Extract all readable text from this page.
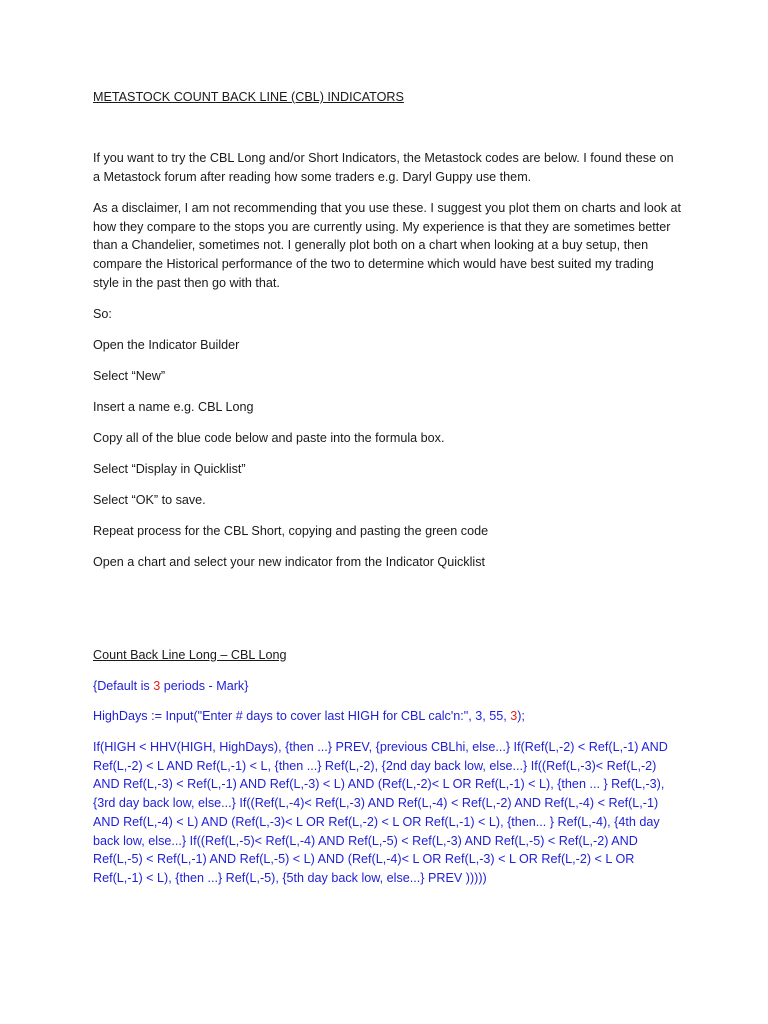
METASTOCK COUNT BACK LINE (CBL) INDICATORS

If you want to try the CBL Long and/or Short Indicators, the Metastock codes are below. I found these on a Metastock forum after reading how some traders e.g. Daryl Guppy use them.

As a disclaimer, I am not recommending that you use these. I suggest you plot them on charts and look at how they compare to the stops you are currently using. My experience is that they are sometimes better than a Chandelier, sometimes not. I generally plot both on a chart when looking at a buy setup, then compare the Historical performance of the two to determine which would have best suited my trading style in the past then go with that.

So:

Open the Indicator Builder

Select “New”

Insert a name e.g. CBL Long

Copy all of the blue code below and paste into the formula box.

Select “Display in Quicklist”

Select “OK” to save.

Repeat process for the CBL Short, copying and pasting the green code

Open a chart and select your new indicator from the Indicator Quicklist

Count Back Line Long – CBL Long

{Default is 3 periods - Mark}

HighDays := Input("Enter # days to cover last HIGH for CBL calc'n:", 3, 55, 3);

If(HIGH < HHV(HIGH, HighDays), {then ...} PREV, {previous CBLhi, else...} If(Ref(L,-2) < Ref(L,-1) AND Ref(L,-2) < L AND Ref(L,-1) < L, {then ...} Ref(L,-2), {2nd day back low, else...} If((Ref(L,-3)< Ref(L,-2) AND Ref(L,-3) < Ref(L,-1) AND Ref(L,-3) < L) AND (Ref(L,-2)< L OR Ref(L,-1) < L), {then ... } Ref(L,-3), {3rd day back low, else...} If((Ref(L,-4)< Ref(L,-3) AND Ref(L,-4) < Ref(L,-2) AND Ref(L,-4) < Ref(L,-1) AND Ref(L,-4) < L) AND (Ref(L,-3)< L OR Ref(L,-2) < L OR Ref(L,-1) < L), {then... } Ref(L,-4), {4th day back low, else...} If((Ref(L,-5)< Ref(L,-4) AND Ref(L,-5) < Ref(L,-3) AND Ref(L,-5) < Ref(L,-2) AND Ref(L,-5) < Ref(L,-1) AND Ref(L,-5) < L) AND (Ref(L,-4)< L OR Ref(L,-3) < L OR Ref(L,-2) < L OR Ref(L,-1) < L), {then ...} Ref(L,-5), {5th day back low, else...} PREV )))))
